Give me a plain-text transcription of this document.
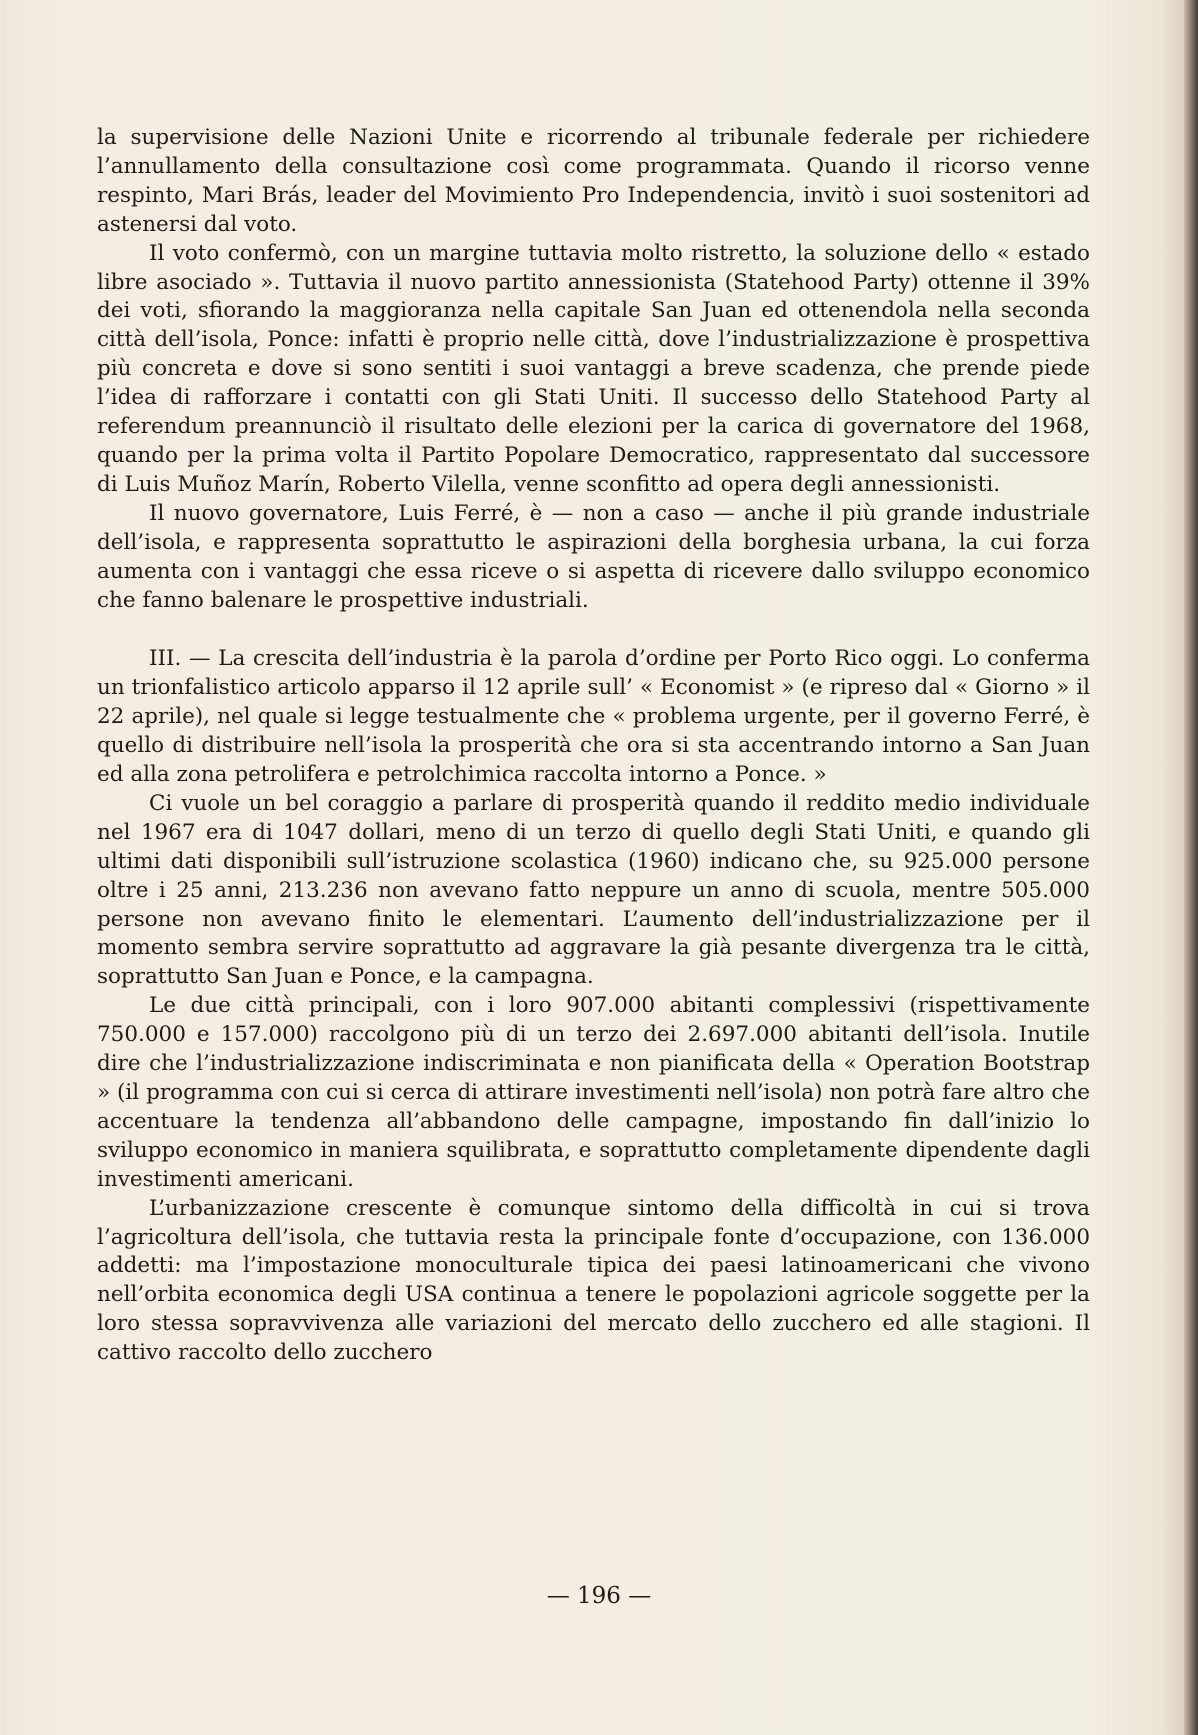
la supervisione delle Nazioni Unite e ricorrendo al tribunale federale per richiedere l’annullamento della consultazione così come programmata. Quando il ricorso venne respinto, Mari Brás, leader del Movimiento Pro Independencia, invitò i suoi sostenitori ad astenersi dal voto.

Il voto confermò, con un margine tuttavia molto ristretto, la soluzione dello « estado libre asociado ». Tuttavia il nuovo partito annessionista (Statehood Party) ottenne il 39% dei voti, sfiorando la maggioranza nella capitale San Juan ed ottenendola nella seconda città dell’isola, Ponce: infatti è proprio nelle città, dove l’industrializzazione è prospettiva più concreta e dove si sono sentiti i suoi vantaggi a breve scadenza, che prende piede l’idea di rafforzare i contatti con gli Stati Uniti. Il successo dello Statehood Party al referendum preannunciò il risultato delle elezioni per la carica di governatore del 1968, quando per la prima volta il Partito Popolare Democratico, rappresentato dal successore di Luis Muñoz Marín, Roberto Vilella, venne sconfitto ad opera degli annessionisti.

Il nuovo governatore, Luis Ferré, è — non a caso — anche il più grande industriale dell’isola, e rappresenta soprattutto le aspirazioni della borghesia urbana, la cui forza aumenta con i vantaggi che essa riceve o si aspetta di ricevere dallo sviluppo economico che fanno balenare le prospettive industriali.

III. — La crescita dell’industria è la parola d’ordine per Porto Rico oggi. Lo conferma un trionfalistico articolo apparso il 12 aprile sull’ « Economist » (e ripreso dal « Giorno » il 22 aprile), nel quale si legge testualmente che « problema urgente, per il governo Ferré, è quello di distribuire nell’isola la prosperità che ora si sta accentrando intorno a San Juan ed alla zona petrolifera e petrolchimica raccolta intorno a Ponce. »

Ci vuole un bel coraggio a parlare di prosperità quando il reddito medio individuale nel 1967 era di 1047 dollari, meno di un terzo di quello degli Stati Uniti, e quando gli ultimi dati disponibili sull’istruzione scolastica (1960) indicano che, su 925.000 persone oltre i 25 anni, 213.236 non avevano fatto neppure un anno di scuola, mentre 505.000 persone non avevano finito le elementari. L’aumento dell’industrializzazione per il momento sembra servire soprattutto ad aggravare la già pesante divergenza tra le città, soprattutto San Juan e Ponce, e la campagna.

Le due città principali, con i loro 907.000 abitanti complessivi (rispettivamente 750.000 e 157.000) raccolgono più di un terzo dei 2.697.000 abitanti dell’isola. Inutile dire che l’industrializzazione indiscriminata e non pianificata della « Operation Bootstrap » (il programma con cui si cerca di attirare investimenti nell’isola) non potrà fare altro che accentuare la tendenza all’abbandono delle campagne, impostando fin dall’inizio lo sviluppo economico in maniera squilibrata, e soprattutto completamente dipendente dagli investimenti americani.

L’urbanizzazione crescente è comunque sintomo della difficoltà in cui si trova l’agricoltura dell’isola, che tuttavia resta la principale fonte d’occupazione, con 136.000 addetti: ma l’impostazione monoculturale tipica dei paesi latinoamericani che vivono nell’orbita economica degli USA continua a tenere le popolazioni agricole soggette per la loro stessa sopravvivenza alle variazioni del mercato dello zucchero ed alle stagioni. Il cattivo raccolto dello zucchero

— 196 —
